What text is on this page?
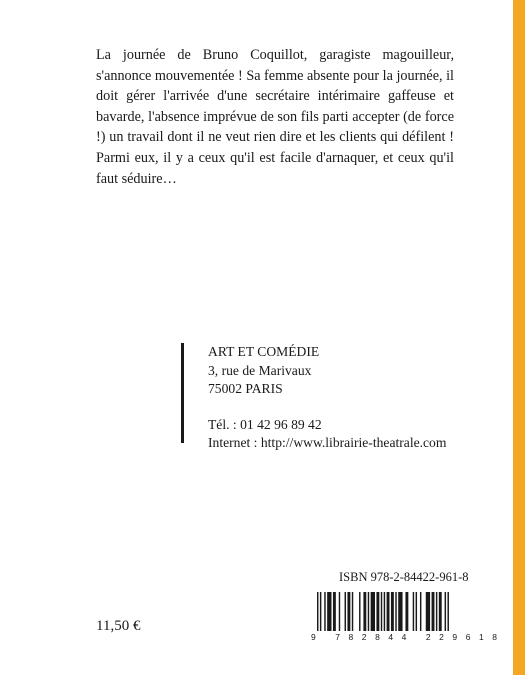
La journée de Bruno Coquillot, garagiste magouilleur, s'annonce mouvementée ! Sa femme absente pour la journée, il doit gérer l'arrivée d'une secrétaire intérimaire gaffeuse et bavarde, l'absence imprévue de son fils parti accepter (de force !) un travail dont il ne veut rien dire et les clients qui défilent ! Parmi eux, il y a ceux qu'il est facile d'arnaquer, et ceux qu'il faut séduire…

ART ET COMÉDIE
3, rue de Marivaux
75002 PARIS
Tél. : 01 42 96 89 42
Internet : http://www.librairie-theatrale.com
ISBN 978-2-84422-961-8
9 782844 229618
11,50 €
